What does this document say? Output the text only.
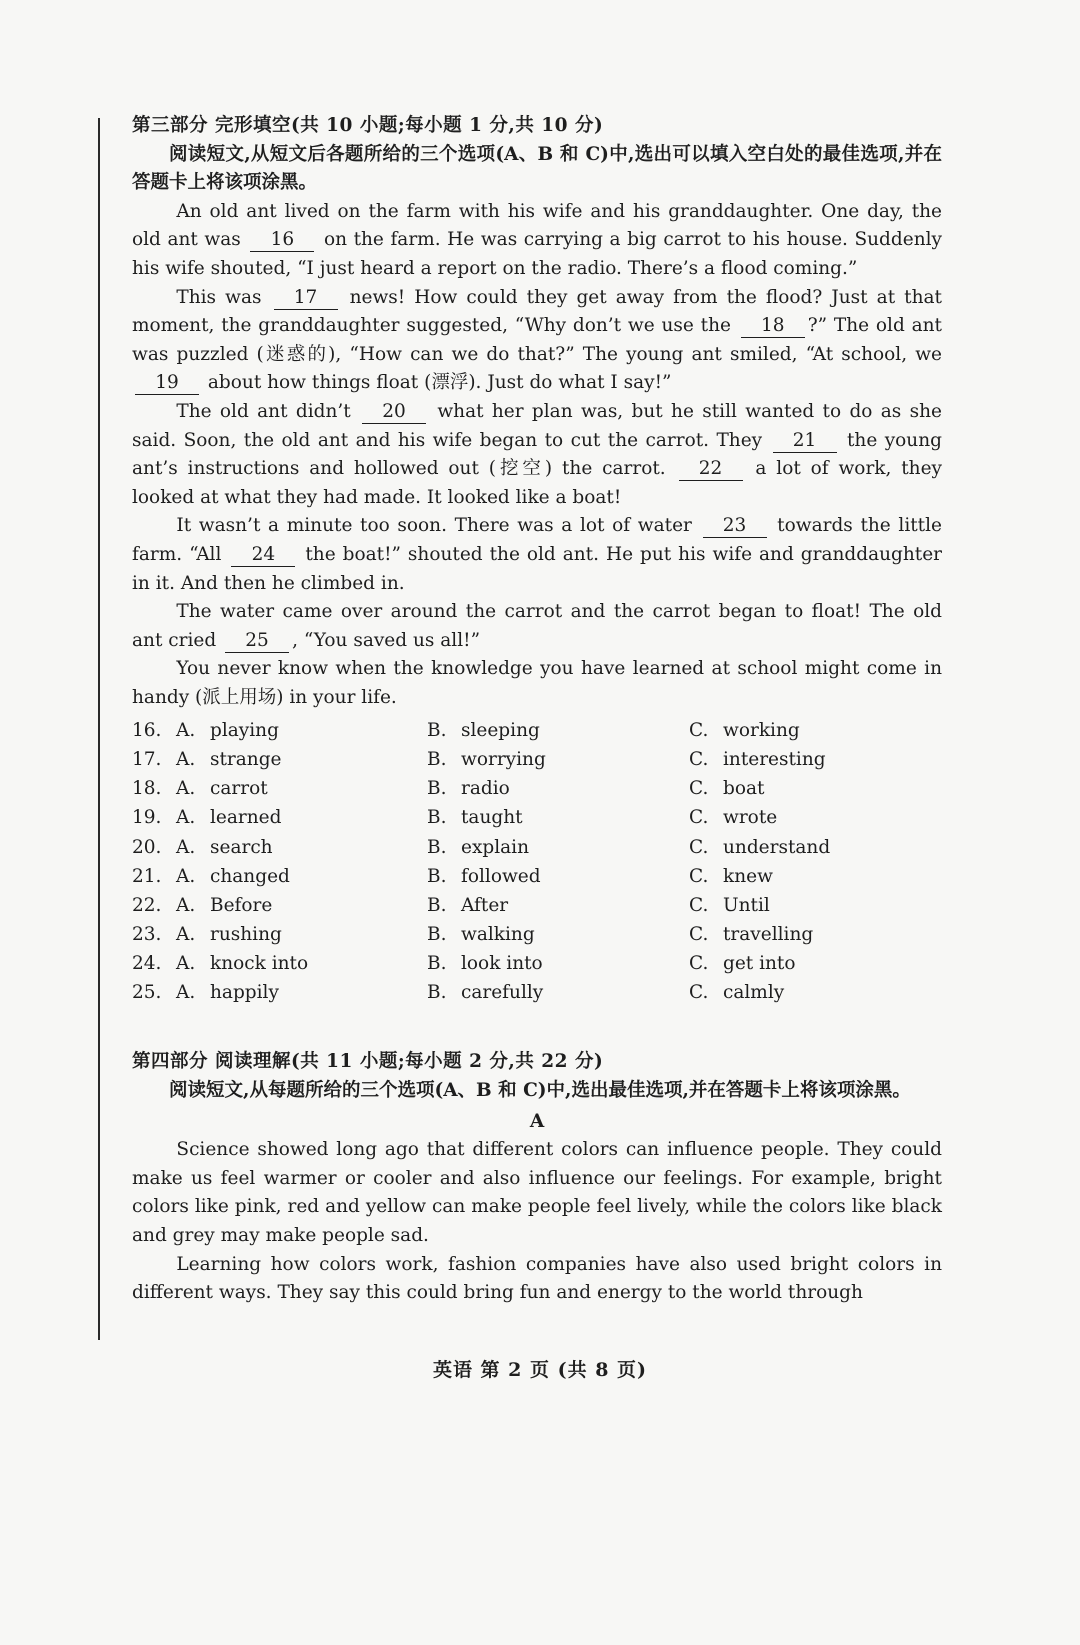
第三部分 完形填空(共 10 小题;每小题 1 分,共 10 分)

阅读短文,从短文后各题所给的三个选项(A、B 和 C)中,选出可以填入空白处的最佳选项,并在答题卡上将该项涂黑。

An old ant lived on the farm with his wife and his granddaughter. One day, the old ant was 16 on the farm. He was carrying a big carrot to his house. Suddenly his wife shouted, “I just heard a report on the radio. There’s a flood coming.”

This was 17 news! How could they get away from the flood? Just at that moment, the granddaughter suggested, “Why don’t we use the 18 ?” The old ant was puzzled (迷惑的), “How can we do that?” The young ant smiled, “At school, we 19 about how things float (漂浮). Just do what I say!”

The old ant didn’t 20 what her plan was, but he still wanted to do as she said. Soon, the old ant and his wife began to cut the carrot. They 21 the young ant’s instructions and hollowed out (挖空) the carrot. 22 a lot of work, they looked at what they had made. It looked like a boat!

It wasn’t a minute too soon. There was a lot of water 23 towards the little farm. “All 24 the boat!” shouted the old ant. He put his wife and granddaughter in it. And then he climbed in.

The water came over around the carrot and the carrot began to float! The old ant cried 25 , “You saved us all!”

You never know when the knowledge you have learned at school might come in handy (派上用场) in your life.

16. A. playing	B. sleeping	C. working
17. A. strange	B. worrying	C. interesting
18. A. carrot	B. radio	C. boat
19. A. learned	B. taught	C. wrote
20. A. search	B. explain	C. understand
21. A. changed	B. followed	C. knew
22. A. Before	B. After	C. Until
23. A. rushing	B. walking	C. travelling
24. A. knock into	B. look into	C. get into
25. A. happily	B. carefully	C. calmly
第四部分 阅读理解(共 11 小题;每小题 2 分,共 22 分)

阅读短文,从每题所给的三个选项(A、B 和 C)中,选出最佳选项,并在答题卡上将该项涂黑。

A

Science showed long ago that different colors can influence people. They could make us feel warmer or cooler and also influence our feelings. For example, bright colors like pink, red and yellow can make people feel lively, while the colors like black and grey may make people sad.

Learning how colors work, fashion companies have also used bright colors in different ways. They say this could bring fun and energy to the world through

英语 第 2 页 (共 8 页)
